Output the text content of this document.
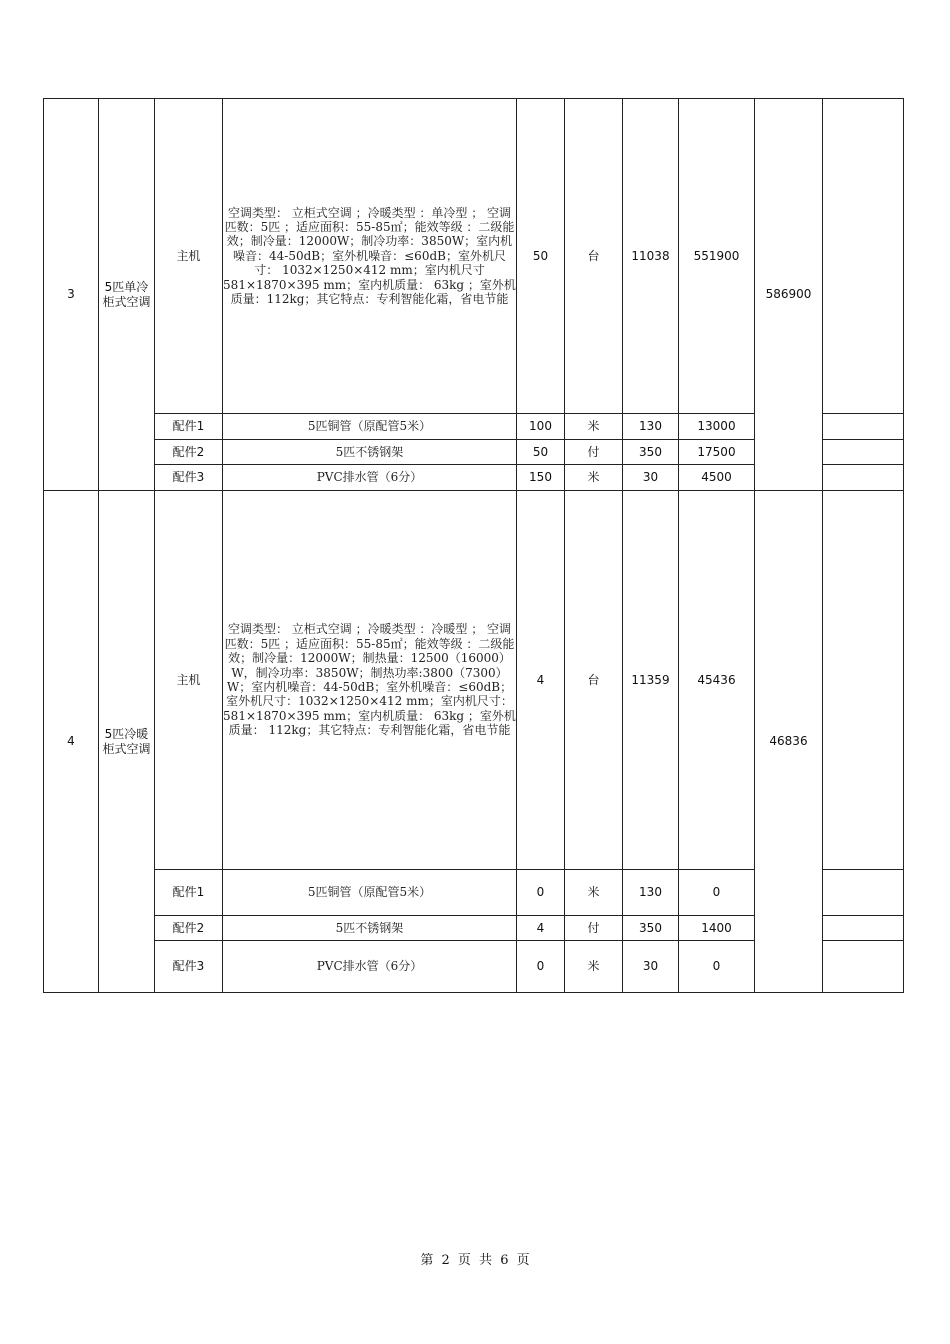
3	5匹单冷柜式空调	主机	空调类型： 立柜式空调 ；冷暖类型 ：单冷型 ； 空调匹数：5匹 ；适应面积：55-85㎡；能效等级 ：二级能效；制冷量：12000W；制冷功率：3850W；室内机噪音：44-50dB；室外机噪音：≤60dB；室外机尺寸： 1032×1250×412 mm；室内机尺寸 581×1870×395 mm；室内机质量： 63kg ；室外机质量：112kg；其它特点：专利智能化霜，省电节能	50	台	11038	551900	586900	
		配件1	5匹铜管（原配管5米）	100	米	130	13000		
		配件2	5匹不锈钢架	50	付	350	17500		
		配件3	PVC排水管（6分）	150	米	30	4500		
4	5匹冷暖柜式空调	主机	空调类型： 立柜式空调 ；冷暖类型 ：冷暖型 ； 空调匹数：5匹 ；适应面积：55-85㎡；能效等级 ：二级能效；制冷量：12000W；制热量：12500（16000）W，制冷功率：3850W；制热功率:3800（7300）W；室内机噪音：44-50dB；室外机噪音：≤60dB；室外机尺寸：1032×1250×412 mm；室内机尺寸： 581×1870×395 mm；室内机质量： 63kg ；室外机质量： 112kg；其它特点：专利智能化霜，省电节能	4	台	11359	45436	46836	
		配件1	5匹铜管（原配管5米）	0	米	130	0		
		配件2	5匹不锈钢架	4	付	350	1400		
		配件3	PVC排水管（6分）	0	米	30	0		
第 2 页 共 6 页
